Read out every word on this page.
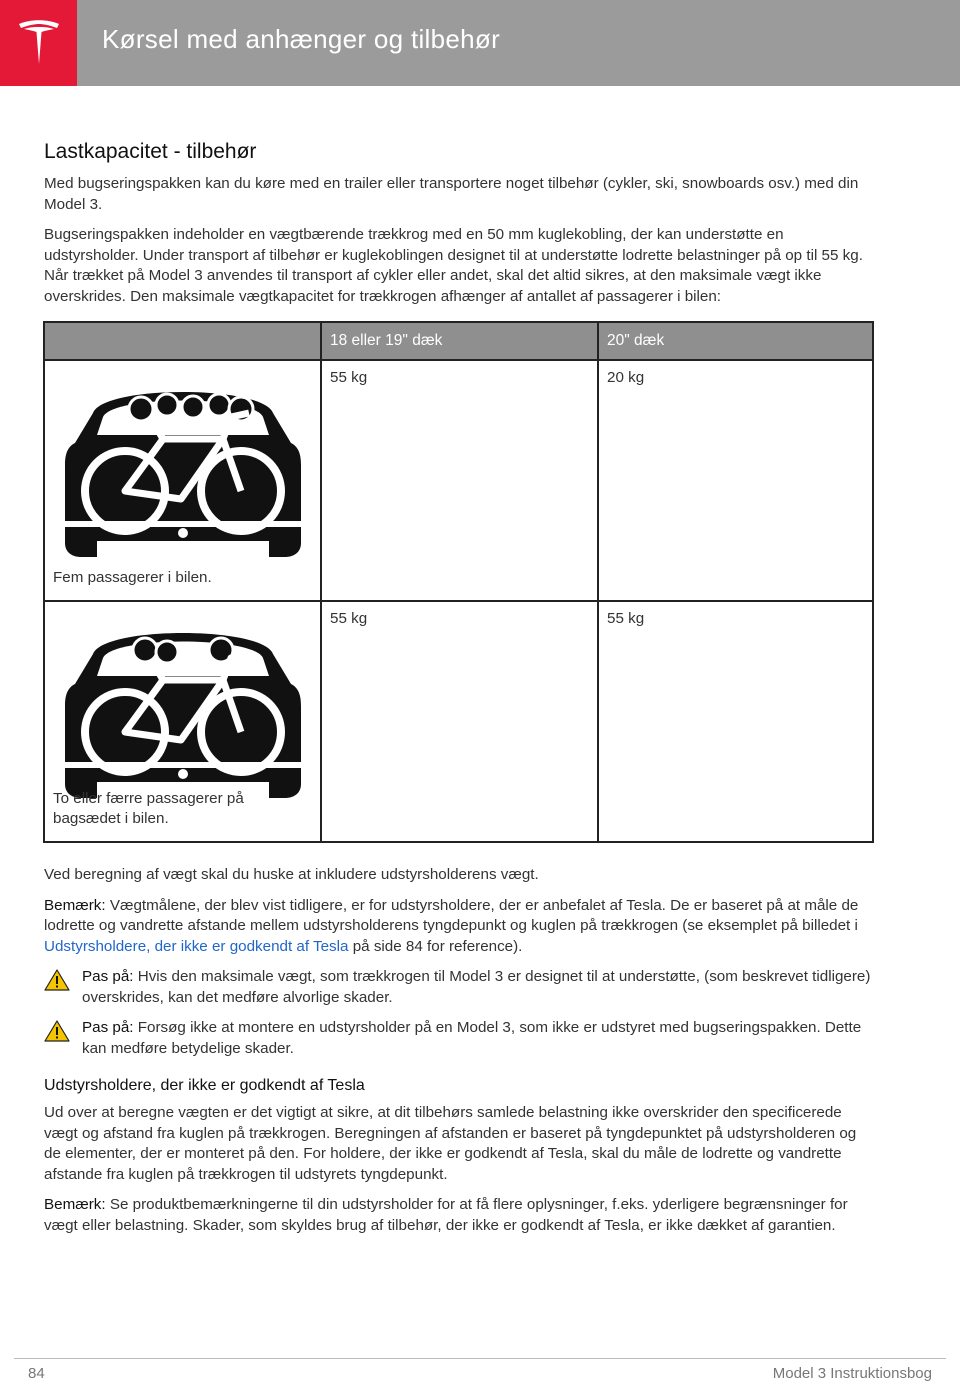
Kørsel med anhænger og tilbehør
Lastkapacitet - tilbehør

Med bugseringspakken kan du køre med en trailer eller transportere noget tilbehør (cykler, ski, snowboards osv.) med din Model 3.

Bugseringspakken indeholder en vægtbærende trækkrog med en 50 mm kuglekobling, der kan understøtte en udstyrsholder. Under transport af tilbehør er kuglekoblingen designet til at understøtte lodrette belastninger på op til 55 kg. Når trækket på Model 3 anvendes til transport af cykler eller andet, skal det altid sikres, at den maksimale vægt ikke overskrides. Den maksimale vægtkapacitet for trækkrogen afhænger af antallet af passagerer i bilen:

	18 eller 19" dæk	20" dæk

Fem passagerer i bilen.	55 kg	20 kg

To eller færre passagerer på bagsædet i bilen.	55 kg	55 kg

Ved beregning af vægt skal du huske at inkludere udstyrsholderens vægt.

Bemærk: Vægtmålene, der blev vist tidligere, er for udstyrsholdere, der er anbefalet af Tesla. De er baseret på at måle de lodrette og vandrette afstande mellem udstyrsholderens tyngdepunkt og kuglen på trækkrogen (se eksemplet på billedet i Udstyrsholdere, der ikke er godkendt af Tesla på side 84 for reference).

Pas på: Hvis den maksimale vægt, som trækkrogen til Model 3 er designet til at understøtte, (som beskrevet tidligere) overskrides, kan det medføre alvorlige skader.

Pas på: Forsøg ikke at montere en udstyrsholder på en Model 3, som ikke er udstyret med bugseringspakken. Dette kan medføre betydelige skader.

Udstyrsholdere, der ikke er godkendt af Tesla

Ud over at beregne vægten er det vigtigt at sikre, at dit tilbehørs samlede belastning ikke overskrider den specificerede vægt og afstand fra kuglen på trækkrogen. Beregningen af afstanden er baseret på tyngdepunktet på udstyrsholderen og de elementer, der er monteret på den. For holdere, der ikke er godkendt af Tesla, skal du måle de lodrette og vandrette afstande fra kuglen på trækkrogen til udstyrets tyngdepunkt.

Bemærk: Se produktbemærkningerne til din udstyrsholder for at få flere oplysninger, f.eks. yderligere begrænsninger for vægt eller belastning. Skader, som skyldes brug af tilbehør, der ikke er godkendt af Tesla, er ikke dækket af garantien.

84	Model 3 Instruktionsbog
